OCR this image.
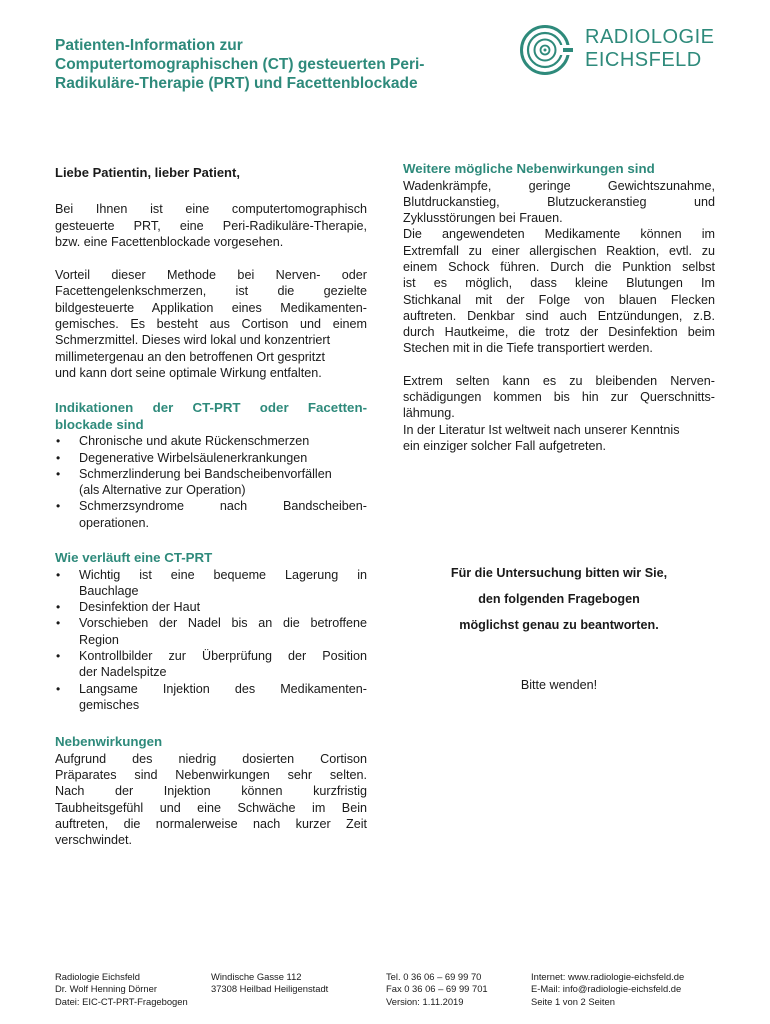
Patienten-Information zur
Computertomographischen (CT) gesteuerten Peri-
Radikuläre-Therapie (PRT) und Facettenblockade
RADIOLOGIE
EICHSFELD

Liebe Patientin, lieber Patient,

Bei Ihnen ist eine computertomographisch

gesteuerte PRT, eine Peri-Radikuläre-Therapie,

bzw. eine Facettenblockade vorgesehen.

Vorteil dieser Methode bei Nerven- oder

Facettengelenkschmerzen, ist die gezielte

bildgesteuerte Applikation eines Medikamenten-

gemisches. Es besteht aus Cortison und einem

Schmerzmittel. Dieses wird lokal und konzentriert

millimetergenau an den betroffenen Ort gespritzt

und kann dort seine optimale Wirkung entfalten.

Indikationen der CT-PRT oder Facetten-

blockade sind

• Chronische und akute Rückenschmerzen
• Degenerative Wirbelsäulenerkrankungen
• Schmerzlinderung bei Bandscheibenvorfällen
(als Alternative zur Operation)
• Schmerzsyndrome nach Bandscheiben-
operationen.

Wie verläuft eine CT-PRT

• Wichtig ist eine bequeme Lagerung in
Bauchlage
• Desinfektion der Haut
• Vorschieben der Nadel bis an die betroffene
Region
• Kontrollbilder zur Überprüfung der Position
der Nadelspitze
• Langsame Injektion des Medikamenten-
gemisches

Nebenwirkungen

Aufgrund des niedrig dosierten Cortison

Präparates sind Nebenwirkungen sehr selten.

Nach der Injektion können kurzfristig

Taubheitsgefühl und eine Schwäche im Bein

auftreten, die normalerweise nach kurzer Zeit

verschwindet.

Weitere mögliche Nebenwirkungen sind

Wadenkrämpfe, geringe Gewichtszunahme,

Blutdruckanstieg, Blutzuckeranstieg und

Zyklusstörungen bei Frauen.

Die angewendeten Medikamente können im

Extremfall zu einer allergischen Reaktion, evtl. zu

einem Schock führen. Durch die Punktion selbst

ist es möglich, dass kleine Blutungen Im

Stichkanal mit der Folge von blauen Flecken

auftreten. Denkbar sind auch Entzündungen, z.B.

durch Hautkeime, die trotz der Desinfektion beim

Stechen mit in die Tiefe transportiert werden.

Extrem selten kann es zu bleibenden Nerven-

schädigungen kommen bis hin zur Querschnitts-

lähmung.

In der Literatur Ist weltweit nach unserer Kenntnis

ein einziger solcher Fall aufgetreten.

Für die Untersuchung bitten wir Sie,
den folgenden Fragebogen
möglichst genau zu beantworten.
Bitte wenden!
Radiologie Eichsfeld
Dr. Wolf Henning Dörner
Datei: EIC-CT-PRT-Fragebogen
Windische Gasse 112
37308 Heilbad Heiligenstadt
Tel. 0 36 06 – 69 99 70
Fax 0 36 06 – 69 99 701
Version: 1.11.2019
Internet: www.radiologie-eichsfeld.de
E-Mail: info@radiologie-eichsfeld.de
Seite 1 von 2 Seiten
